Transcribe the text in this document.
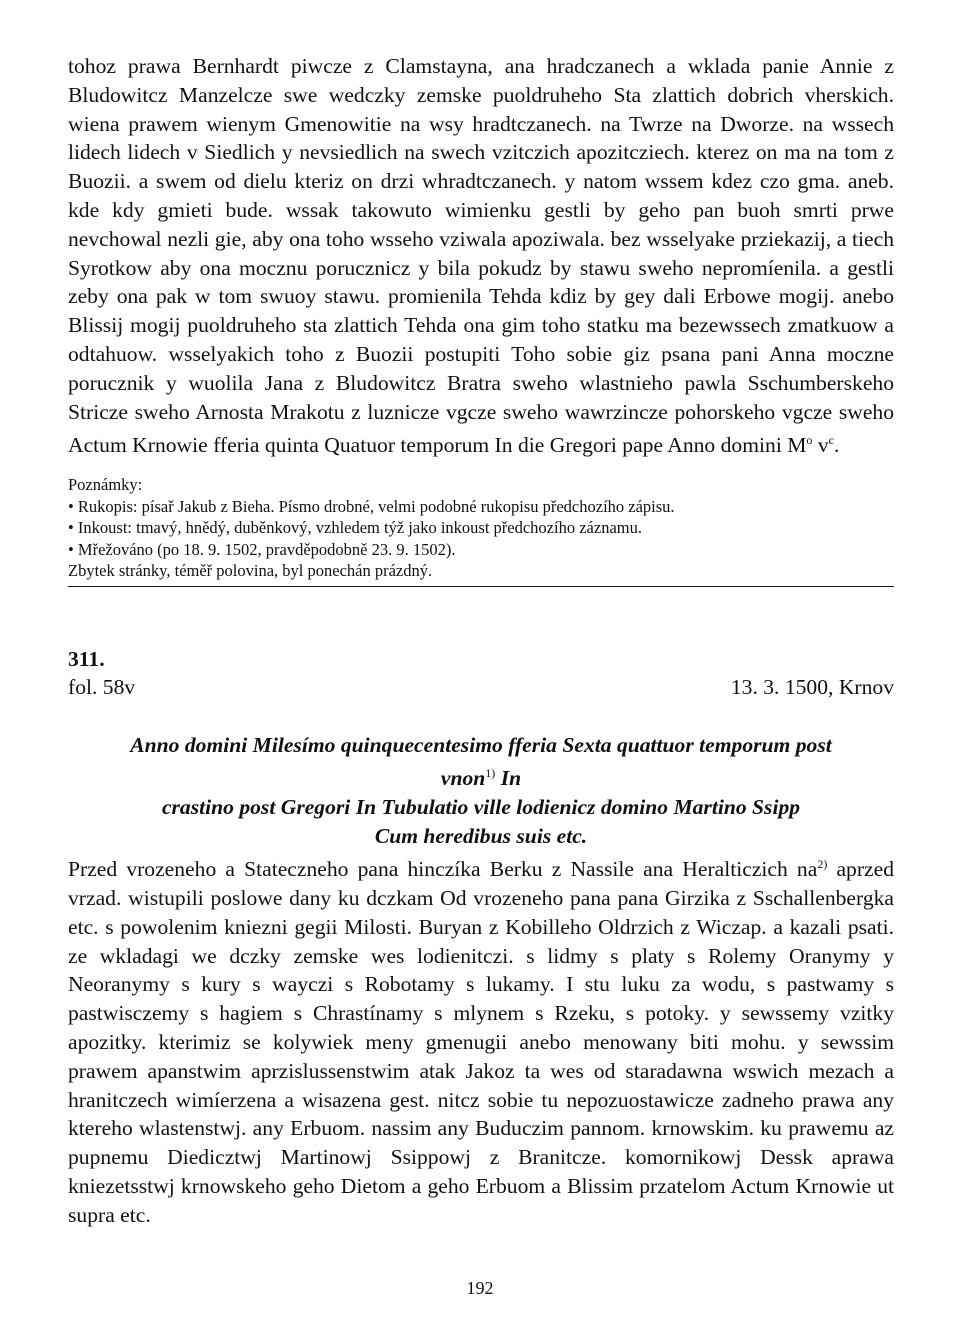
tohoz prawa Bernhardt piwcze z Clamstayna, ana hradczanech a wklada panie Annie z Bludowitcz Manzelcze swe wedczky zemske puoldruheho Sta zlattich dobrich vherskich. wiena prawem wienym Gmenowitie na wsy hradtczanech. na Twrze na Dworze. na wssech lidech lidech v Siedlich y nevsiedlich na swech vzitczich apozitcziech. kterez on ma na tom z Buozii. a swem od dielu kteriz on drzi whradtczanech. y natom wssem kdez czo gma. aneb. kde kdy gmieti bude. wssak takowuto wimienku gestli by geho pan buoh smrti prwe nevchowal nezli gie, aby ona toho wsseho vziwala apoziwala. bez wsselyake prziekazij, a tiech Syrotkow aby ona mocznu porucznicz y bila pokudz by stawu sweho nepromíenila. a gestli zeby ona pak w tom swuoy stawu. promienila Tehda kdiz by gey dali Erbowe mogij. anebo Blissij mogij puoldruheho sta zlattich Tehda ona gim toho statku ma bezewssech zmatkuow a odtahuow. wsselyakich toho z Buozii postupiti Toho sobie giz psana pani Anna moczne porucznik y wuolila Jana z Bludowitcz Bratra sweho wlastnieho pawla Sschumberskeho Stricze sweho Arnosta Mrakotu z luznicze vgcze sweho wawrzincze pohorskeho vgcze sweho Actum Krnowie fferia quinta Quatuor temporum In die Gregori pape Anno domini $M^o$ $v^c$.

Poznámky:

• Rukopis: písař Jakub z Bieha. Písmo drobné, velmi podobné rukopisu předchozího zápisu.

• Inkoust: tmavý, hnědý, duběnkový, vzhledem týž jako inkoust předchozího záznamu.

• Mřežováno (po 18. 9. 1502, pravděpodobně 23. 9. 1502).

Zbytek stránky, téměř polovina, byl ponechán prázdný.

311.
fol. 58v	13. 3. 1500, Krnov
Anno domini Milesímo quinquecentesimo fferia Sexta quattuor temporum post
vnon$^{1)}$ In
crastino post Gregori In Tubulatio ville lodienicz domino Martino Ssipp
Cum heredibus suis etc.

Przed vrozeneho a Stateczneho pana hinczíka Berku z Nassile ana Heralticzich $na^{2)}$ aprzed vrzad. wistupili poslowe dany ku dczkam Od vrozeneho pana pana Girzika z Sschallenbergka etc. s powolenim kniezni gegii Milosti. Buryan z Kobilleho Oldrzich z Wiczap. a kazali psati. ze wkladagi we dczky zemske wes lodienitczi. s lidmy s platy s Rolemy Oranymy y Neoranymy s kury s wayczi s Robotamy s lukamy. I stu luku za wodu, s pastwamy s pastwisczemy s hagiem s Chrastínamy s mlynem s Rzeku, s potoky. y sewssemy vzitky apozitky. kterimiz se kolywiek meny gmenugii anebo menowany biti mohu. y sewssim prawem apanstwim aprzislussenstwim atak Jakoz ta wes od staradawna wswich mezach a hranitczech wimíerzena a wisazena gest. nitcz sobie tu nepozuostawicze zadneho prawa any ktereho wlastenstwj. any Erbuom. nassim any Buduczim pannom. krnowskim. ku prawemu az pupnemu Diedicztwj Martinowj Ssippowj z Branitcze. komornikowj Dessk aprawa kniezetsstwj krnowskeho geho Dietom a geho Erbuom a Blissim przatelom Actum Krnowie ut supra etc.

192
